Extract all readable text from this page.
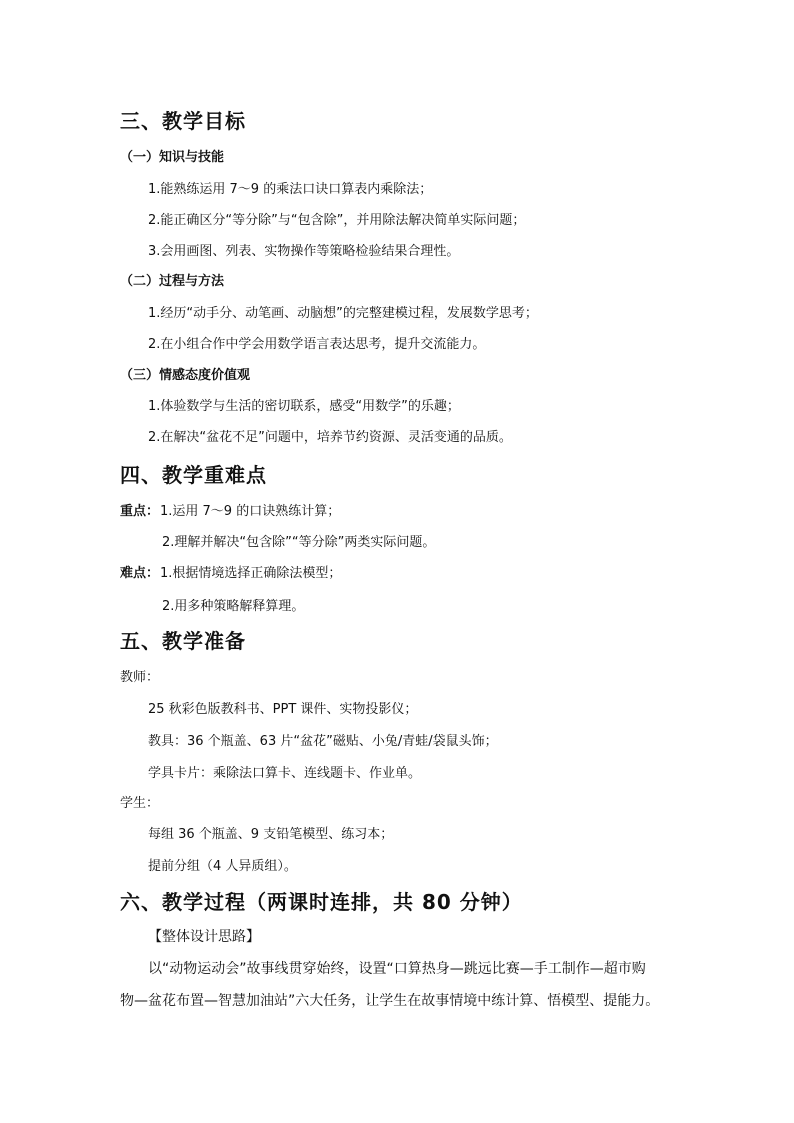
三、教学目标
（一）知识与技能
1.能熟练运用 7～9 的乘法口诀口算表内乘除法；
2.能正确区分“等分除”与“包含除”，并用除法解决简单实际问题；
3.会用画图、列表、实物操作等策略检验结果合理性。
（二）过程与方法
1.经历“动手分、动笔画、动脑想”的完整建模过程，发展数学思考；
2.在小组合作中学会用数学语言表达思考，提升交流能力。
（三）情感态度价值观
1.体验数学与生活的密切联系，感受“用数学”的乐趣；
2.在解决“盆花不足”问题中，培养节约资源、灵活变通的品质。
四、教学重难点
重点： 1.运用 7～9 的口诀熟练计算；
2.理解并解决“包含除”“等分除”两类实际问题。
难点： 1.根据情境选择正确除法模型；
2.用多种策略解释算理。
五、教学准备
教师：
25 秋彩色版教科书、PPT 课件、实物投影仪；
教具：36 个瓶盖、63 片“盆花”磁贴、小兔/青蛙/袋鼠头饰；
学具卡片：乘除法口算卡、连线题卡、作业单。
学生：
每组 36 个瓶盖、9 支铅笔模型、练习本；
提前分组（4 人异质组）。
六、教学过程（两课时连排，共 80 分钟）
【整体设计思路】
以“动物运动会”故事线贯穿始终，设置“口算热身—跳远比赛—手工制作—超市购
物—盆花布置—智慧加油站”六大任务，让学生在故事情境中练计算、悟模型、提能力。
